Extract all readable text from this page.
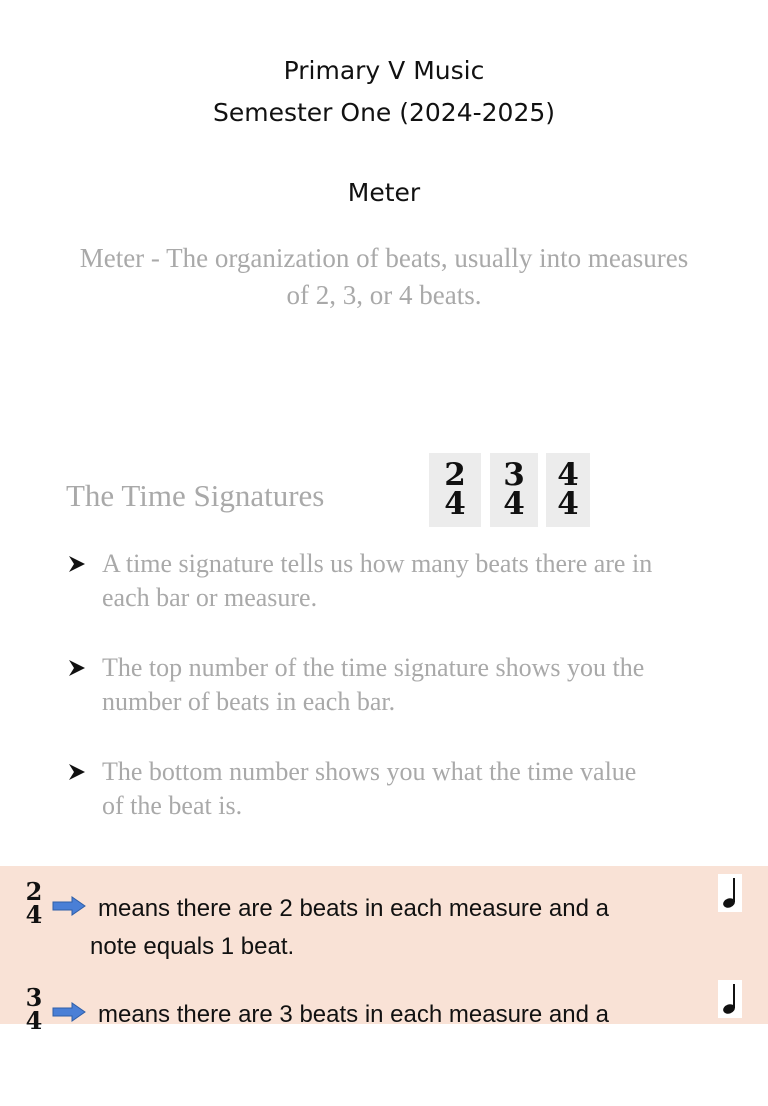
Primary V Music
Semester One (2024-2025)
Meter
Meter - The organization of beats, usually into measures
of 2, 3, or 4 beats.
The Time Signatures
2
4
3
4
4
4
A time signature tells us how many beats there are in
each bar or measure.
The top number of the time signature shows you the
number of beats in each bar.
The bottom number shows you what the time value
of the beat is.
2
4	means there are 2 beats in each measure and a
note equals 1 beat.
3
4	means there are 3 beats in each measure and a
